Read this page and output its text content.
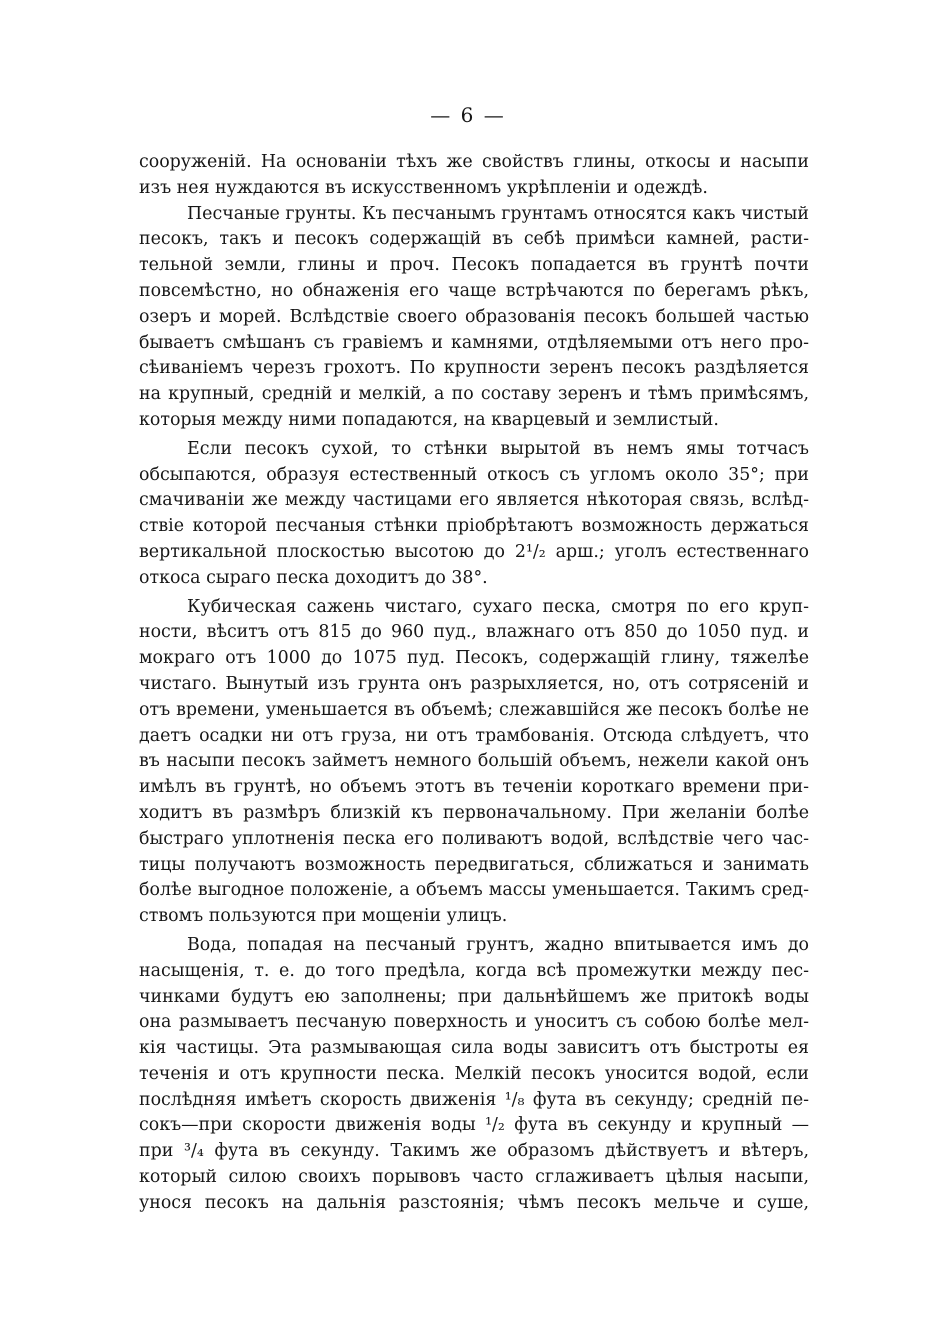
— 6 —
сооруженій. На основаніи тѣхъ же свойствъ глины, откосы и насыпи
изъ нея нуждаются въ искусственномъ укрѣпленіи и одеждѣ.
Песчаные грунты. Къ песчанымъ грунтамъ относятся какъ чистый
песокъ, такъ и песокъ содержащій въ себѣ примѣси камней, расти-
тельной земли, глины и проч. Песокъ попадается въ грунтѣ почти
повсемѣстно, но обнаженія его чаще встрѣчаются по берегамъ рѣкъ,
озеръ и морей. Вслѣдствіе своего образованія песокъ большей частью
бываетъ смѣшанъ съ гравіемъ и камнями, отдѣляемыми отъ него про-
сѣиваніемъ черезъ грохотъ. По крупности зеренъ песокъ раздѣляется
на крупный, средній и мелкій, а по составу зеренъ и тѣмъ примѣсямъ,
которыя между ними попадаются, на кварцевый и землистый.
Если песокъ сухой, то стѣнки вырытой въ немъ ямы тотчасъ
обсыпаются, образуя естественный откосъ съ угломъ около 35°; при
смачиваніи же между частицами его является нѣкоторая связь, вслѣд-
ствіе которой песчаныя стѣнки пріобрѣтаютъ возможность держаться
вертикальной плоскостью высотою до 2¹/₂ арш.; уголъ естественнаго
откоса сыраго песка доходитъ до 38°.
Кубическая сажень чистаго, сухаго песка, смотря по его круп-
ности, вѣситъ отъ 815 до 960 пуд., влажнаго отъ 850 до 1050 пуд. и
мокраго отъ 1000 до 1075 пуд. Песокъ, содержащій глину, тяжелѣе
чистаго. Вынутый изъ грунта онъ разрыхляется, но, отъ сотрясеній и
отъ времени, уменьшается въ объемѣ; слежавшійся же песокъ болѣе не
даетъ осадки ни отъ груза, ни отъ трамбованія. Отсюда слѣдуетъ, что
въ насыпи песокъ займетъ немного большій объемъ, нежели какой онъ
имѣлъ въ грунтѣ, но объемъ этотъ въ теченіи короткаго времени при-
ходитъ въ размѣръ близкій къ первоначальному. При желаніи болѣе
быстраго уплотненія песка его поливаютъ водой, вслѣдствіе чего час-
тицы получаютъ возможность передвигаться, сближаться и занимать
болѣе выгодное положеніе, а объемъ массы уменьшается. Такимъ сред-
ствомъ пользуются при мощеніи улицъ.
Вода, попадая на песчаный грунтъ, жадно впитывается имъ до
насыщенія, т. е. до того предѣла, когда всѣ промежутки между пес-
чинками будутъ ею заполнены; при дальнѣйшемъ же притокѣ воды
она размываетъ песчаную поверхность и уноситъ съ собою болѣе мел-
кія частицы. Эта размывающая сила воды зависитъ отъ быстроты ея
теченія и отъ крупности песка. Мелкій песокъ уносится водой, если
послѣдняя имѣетъ скорость движенія ¹/₈ фута въ секунду; средній пе-
сокъ—при скорости движенія воды ¹/₂ фута въ секунду и крупный —
при ³/₄ фута въ секунду. Такимъ же образомъ дѣйствуетъ и вѣтеръ,
который силою своихъ порывовъ часто сглаживаетъ цѣлыя насыпи,
унося песокъ на дальнія разстоянія; чѣмъ песокъ мельче и суше,
